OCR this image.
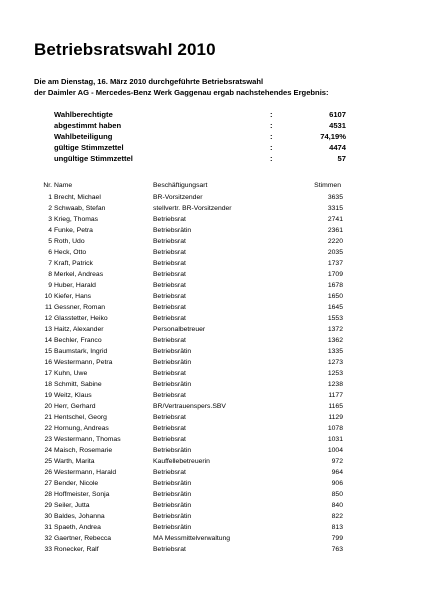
Betriebsratswahl 2010
Die am Dienstag, 16. März 2010 durchgeführte Betriebsratswahl
der Daimler AG - Mercedes-Benz Werk Gaggenau ergab nachstehendes Ergebnis:
Wahlberechtigte	:	6107
abgestimmt haben	:	4531
Wahlbeteiligung	:	74,19%
gültige Stimmzettel	:	4474
ungültige Stimmzettel	:	57
Nr. Name	Beschäftigungsart	Stimmen
1 Brecht, Michael	BR-Vorsitzender	3635
2 Schwaab, Stefan	stellvertr. BR-Vorsitzender	3315
3 Krieg, Thomas	Betriebsrat	2741
4 Funke, Petra	Betriebsrätin	2361
5 Roth, Udo	Betriebsrat	2220
6 Heck, Otto	Betriebsrat	2035
7 Kraft, Patrick	Betriebsrat	1737
8 Merkel, Andreas	Betriebsrat	1709
9 Huber, Harald	Betriebsrat	1678
10 Kiefer, Hans	Betriebsrat	1650
11 Gessner, Roman	Betriebsrat	1645
12 Glasstetter, Heiko	Betriebsrat	1553
13 Haitz, Alexander	Personalbetreuer	1372
14 Bechler, Franco	Betriebsrat	1362
15 Baumstark, Ingrid	Betriebsrätin	1335
16 Westermann, Petra	Betriebsrätin	1273
17 Kuhn, Uwe	Betriebsrat	1253
18 Schmitt, Sabine	Betriebsrätin	1238
19 Weitz, Klaus	Betriebsrat	1177
20 Herr, Gerhard	BR/Vertrauenspers.SBV	1165
21 Hentschel, Georg	Betriebsrat	1129
22 Hornung, Andreas	Betriebsrat	1078
23 Westermann, Thomas	Betriebsrat	1031
24 Maisch, Rosemarie	Betriebsrätin	1004
25 Warth, Marita	Kauffellebetreuerin	972
26 Westermann, Harald	Betriebsrat	964
27 Bender, Nicole	Betriebsrätin	906
28 Hoffmeister, Sonja	Betriebsrätin	850
29 Seiler, Jutta	Betriebsrätin	840
30 Baldes, Johanna	Betriebsrätin	822
31 Spaeth, Andrea	Betriebsrätin	813
32 Gaertner, Rebecca	MA Messmittelverwaltung	799
33 Ronecker, Ralf	Betriebsrat	763
